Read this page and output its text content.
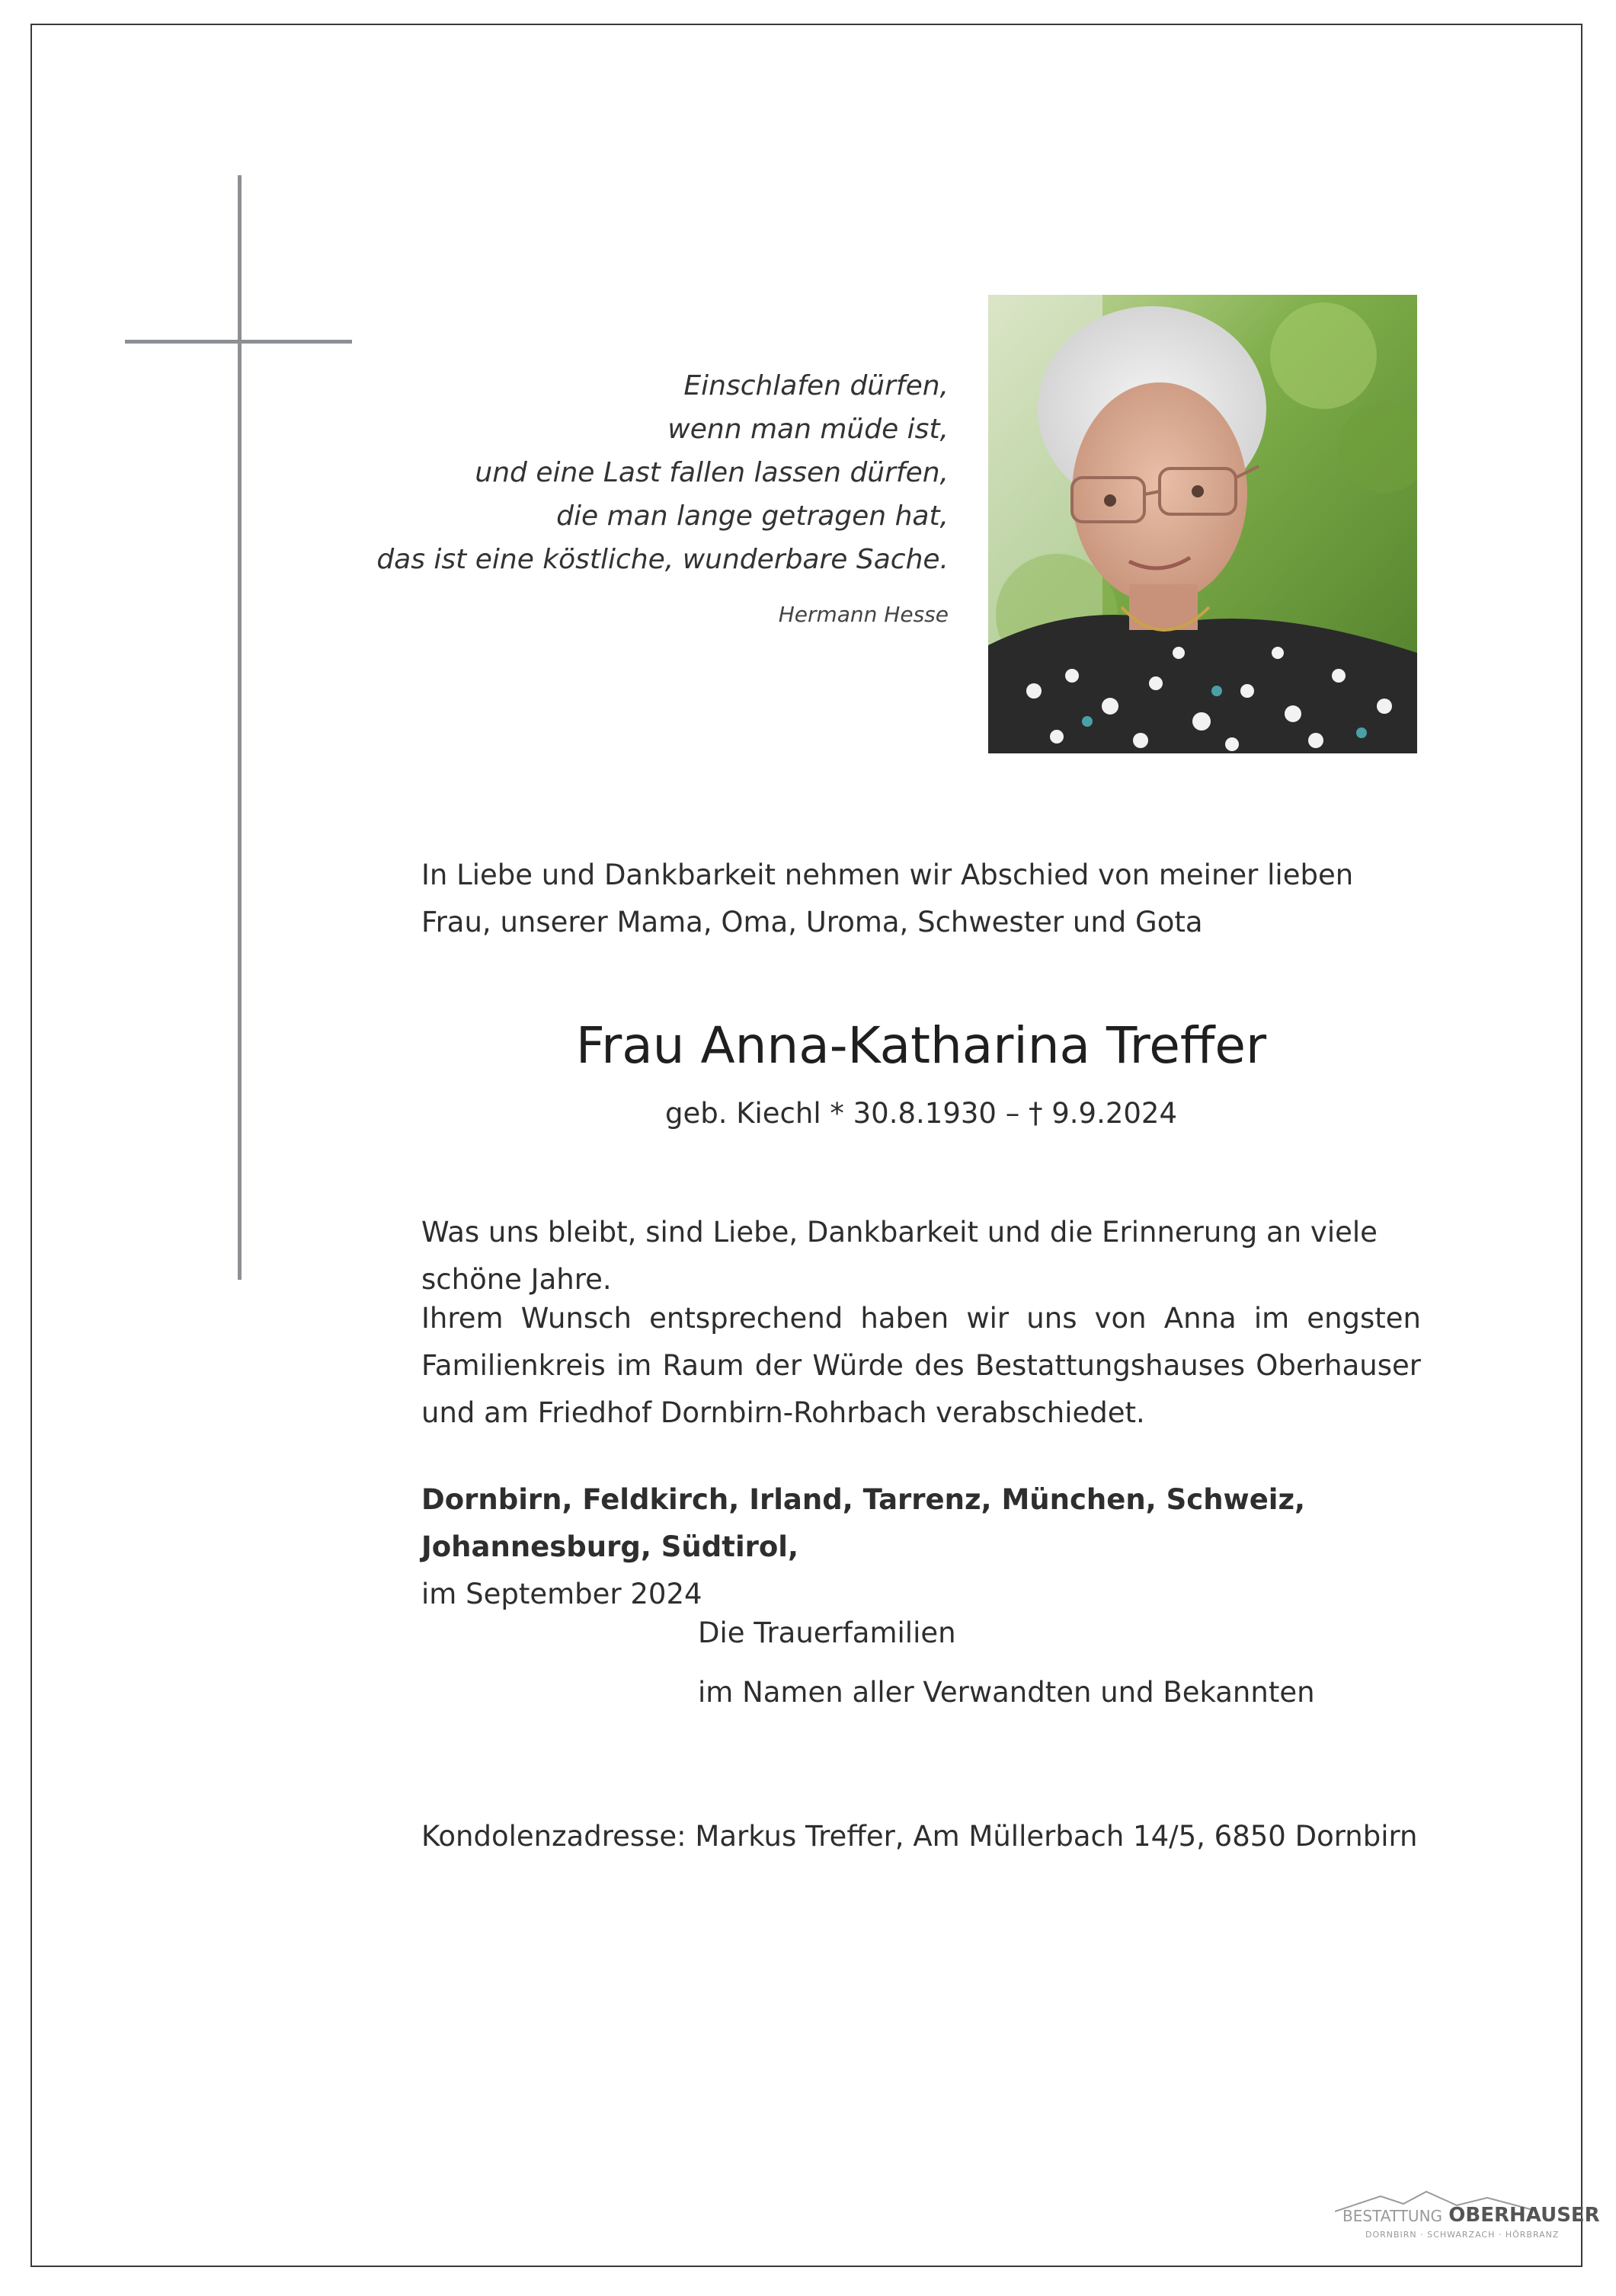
Einschlafen dürfen,
wenn man müde ist,
und eine Last fallen lassen dürfen,
die man lange getragen hat,
das ist eine köstliche, wunderbare Sache.
Hermann Hesse
In Liebe und Dankbarkeit nehmen wir Abschied von meiner lieben Frau, unserer Mama, Oma, Uroma, Schwester und Gota
Frau Anna-Katharina Treffer
geb. Kiechl * 30.8.1930 – † 9.9.2024
Was uns bleibt, sind Liebe, Dankbarkeit und die Erinnerung an viele schöne Jahre.
Ihrem Wunsch entsprechend haben wir uns von Anna im engsten Familienkreis im Raum der Würde des Bestattungshauses Oberhauser und am Friedhof Dornbirn-Rohrbach verabschiedet.
Dornbirn, Feldkirch, Irland, Tarrenz, München, Schweiz, Johannesburg, Südtirol,
im September 2024
Die Trauerfamilien
im Namen aller Verwandten und Bekannten
Kondolenzadresse: Markus Treffer, Am Müllerbach 14/5, 6850 Dornbirn
BESTATTUNG OBERHAUSER
DORNBIRN · SCHWARZACH · HÖRBRANZ
